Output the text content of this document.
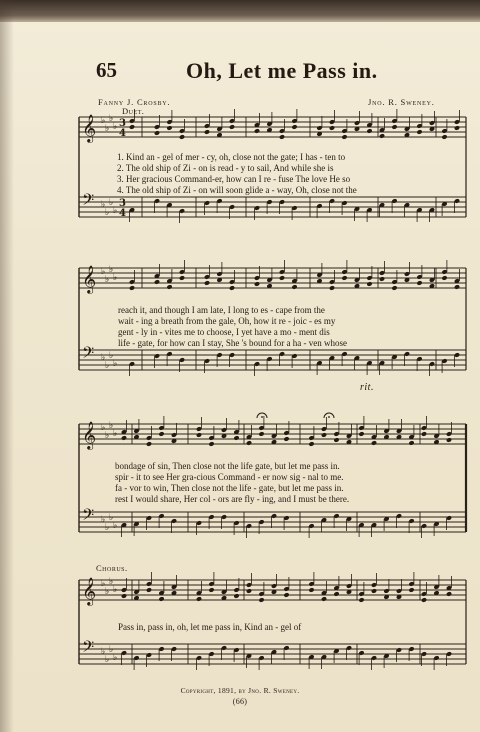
𝄞 ♭
♭
♭
♭
𝄢 ♭
♭
♭
♭
𝄞 ♭
♭
♭
♭
𝄢 ♭
♭
♭
♭
𝄞 ♭
♭
♭
♭
𝄢 ♭
♭
♭
♭
𝄞 ♭
♭
♭
♭
𝄢 ♭
♭
♭
♭
3
4
3
4
65	Oh, Let me Pass in.
Fanny J. Crosby.	Jno. R. Sweney.
Duet.
rit.
Chorus.
1. Kind an - gel of mer - cy, oh, close not the gate; I has - ten to
2. The old ship of Zi - on is read - y to sail, And while she is
3. Her gracious Command-er, how can I re - fuse The love He so
4. The old ship of Zi - on will soon glide a - way, Oh, close not the
reach it, and though I am late, I long to es - cape from the
wait - ing a breath from the gale, Oh, how it re - joic - es my
gent - ly in - vites me to choose, I yet have a mo - ment dis
life - gate, for how can I stay, She 's bound for a ha - ven whose
bondage of sin, Then close not the life gate, but let me pass in.
spir - it to see Her gra-cious Command - er now sig - nal to me.
fa - vor to win, Then close not the life - gate, but let me pass in.
rest I would share, Her col - ors are fly - ing, and I must be there.
Pass in, pass in, oh, let me pass in, Kind an - gel of
Copyright, 1891, by Jno. R. Sweney.
(66)
